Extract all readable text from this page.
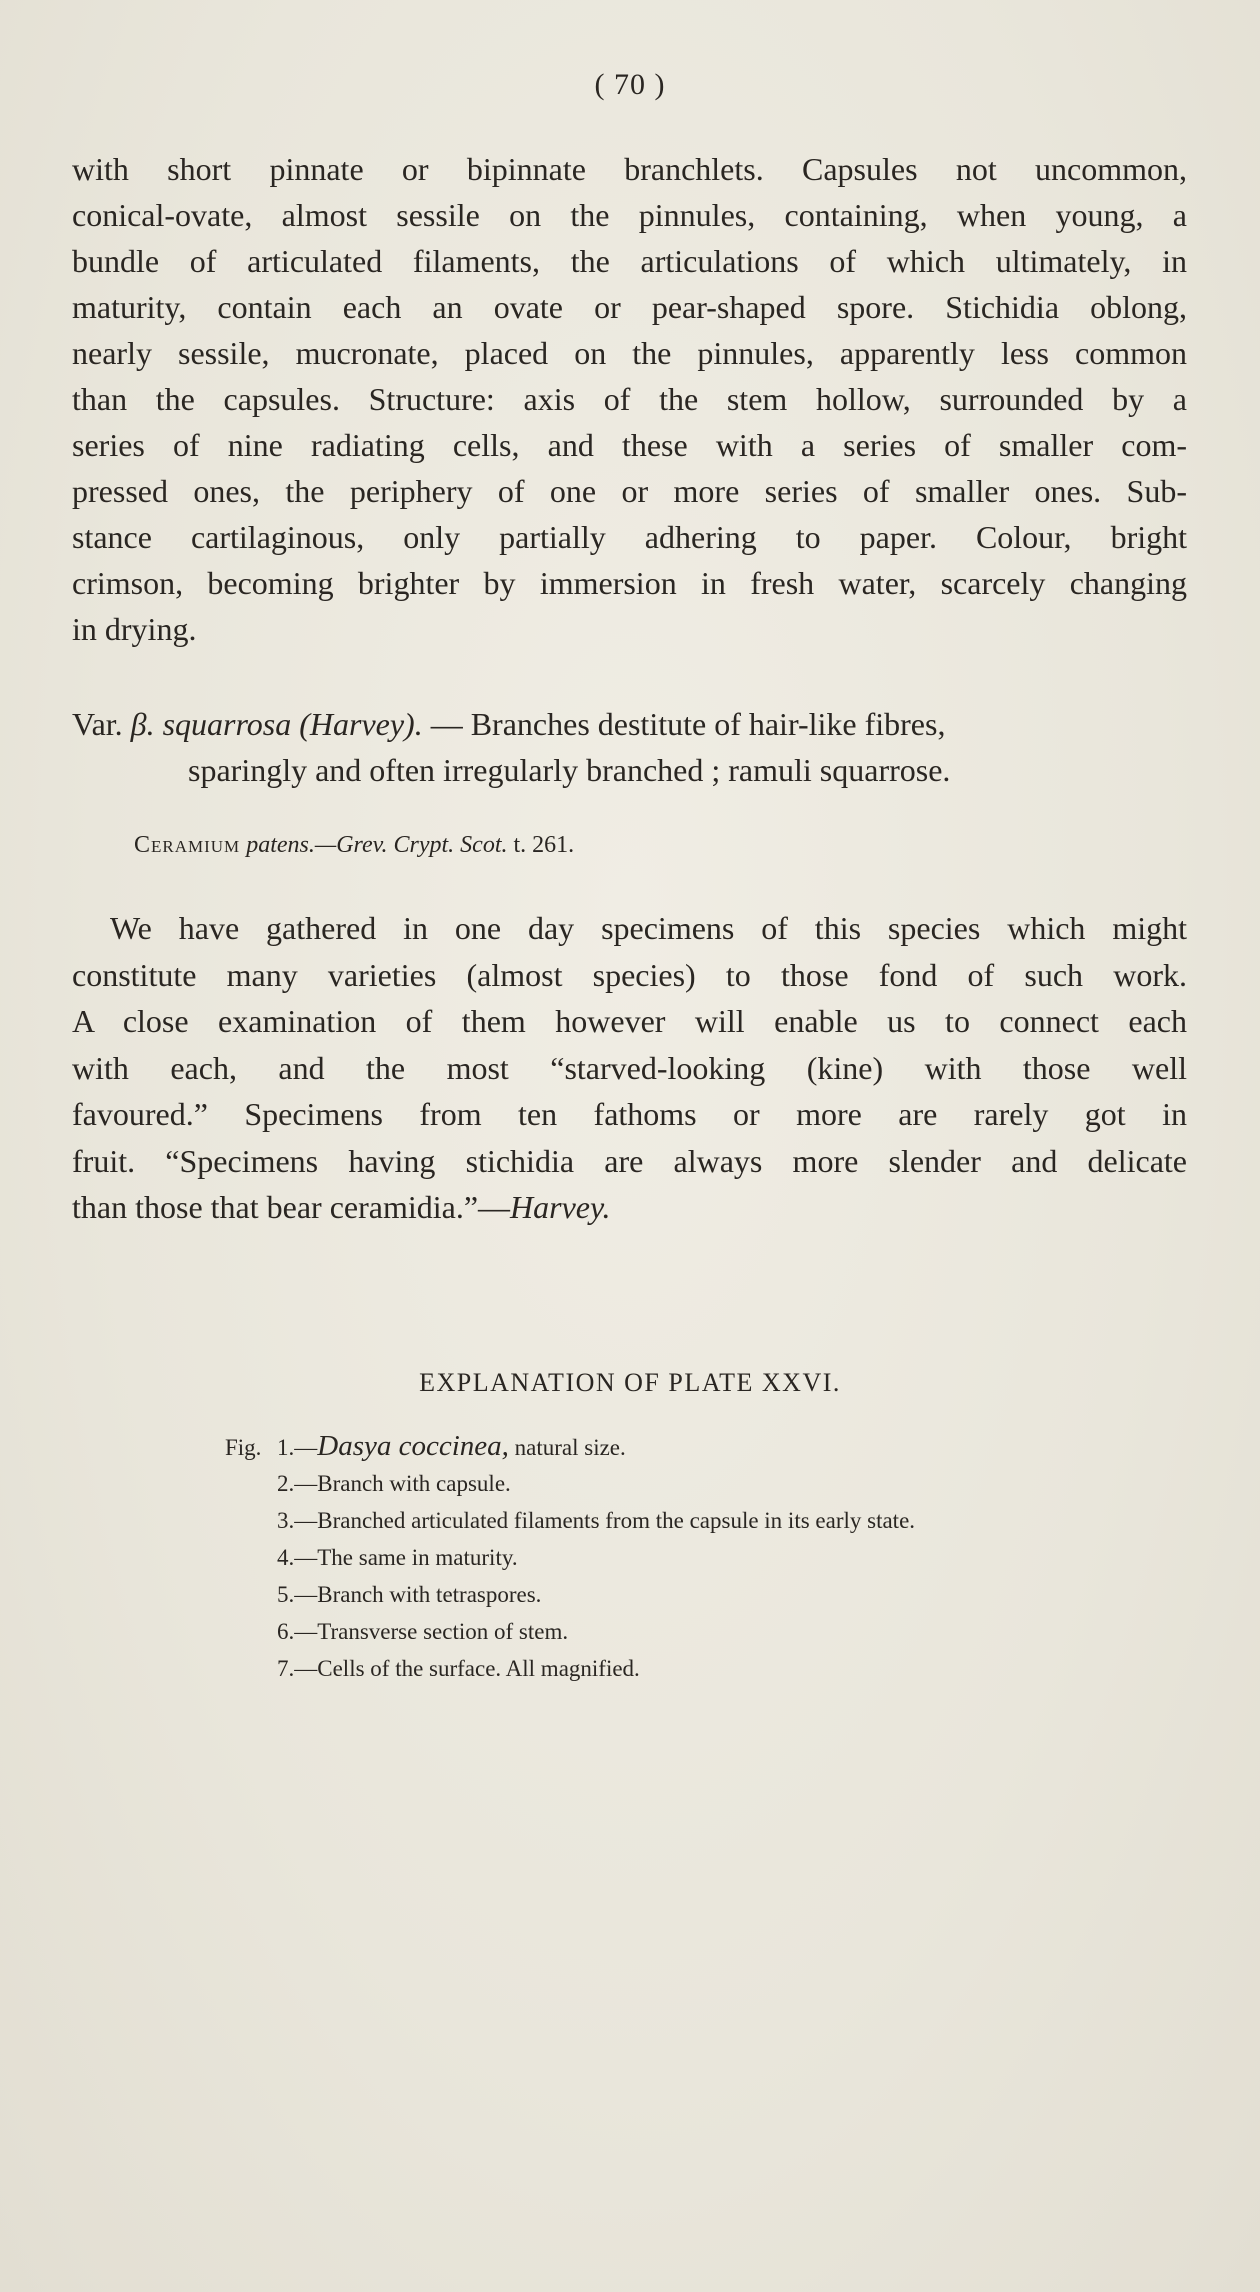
( 70 )
with short pinnate or bipinnate branchlets. Capsules not uncommon,
conical-ovate, almost sessile on the pinnules, containing, when young, a
bundle of articulated filaments, the articulations of which ultimately, in
maturity, contain each an ovate or pear-shaped spore. Stichidia oblong,
nearly sessile, mucronate, placed on the pinnules, apparently less common
than the capsules. Structure: axis of the stem hollow, surrounded by a
series of nine radiating cells, and these with a series of smaller com-
pressed ones, the periphery of one or more series of smaller ones. Sub-
stance cartilaginous, only partially adhering to paper. Colour, bright
crimson, becoming brighter by immersion in fresh water, scarcely changing
in drying.
Var. β. squarrosa (Harvey). — Branches destitute of hair-like fibres,
sparingly and often irregularly branched ; ramuli squarrose.
Ceramium patens.—Grev. Crypt. Scot. t. 261.
We have gathered in one day specimens of this species which might
constitute many varieties (almost species) to those fond of such work.
A close examination of them however will enable us to connect each
with each, and the most “starved-looking (kine) with those well
favoured.” Specimens from ten fathoms or more are rarely got in
fruit. “Specimens having stichidia are always more slender and delicate
than those that bear ceramidia.”—Harvey.
EXPLANATION OF PLATE XXVI.
Fig. 1.—Dasya coccinea, natural size.
2.—Branch with capsule.
3.—Branched articulated filaments from the capsule in its early state.
4.—The same in maturity.
5.—Branch with tetraspores.
6.—Transverse section of stem.
7.—Cells of the surface. All magnified.
